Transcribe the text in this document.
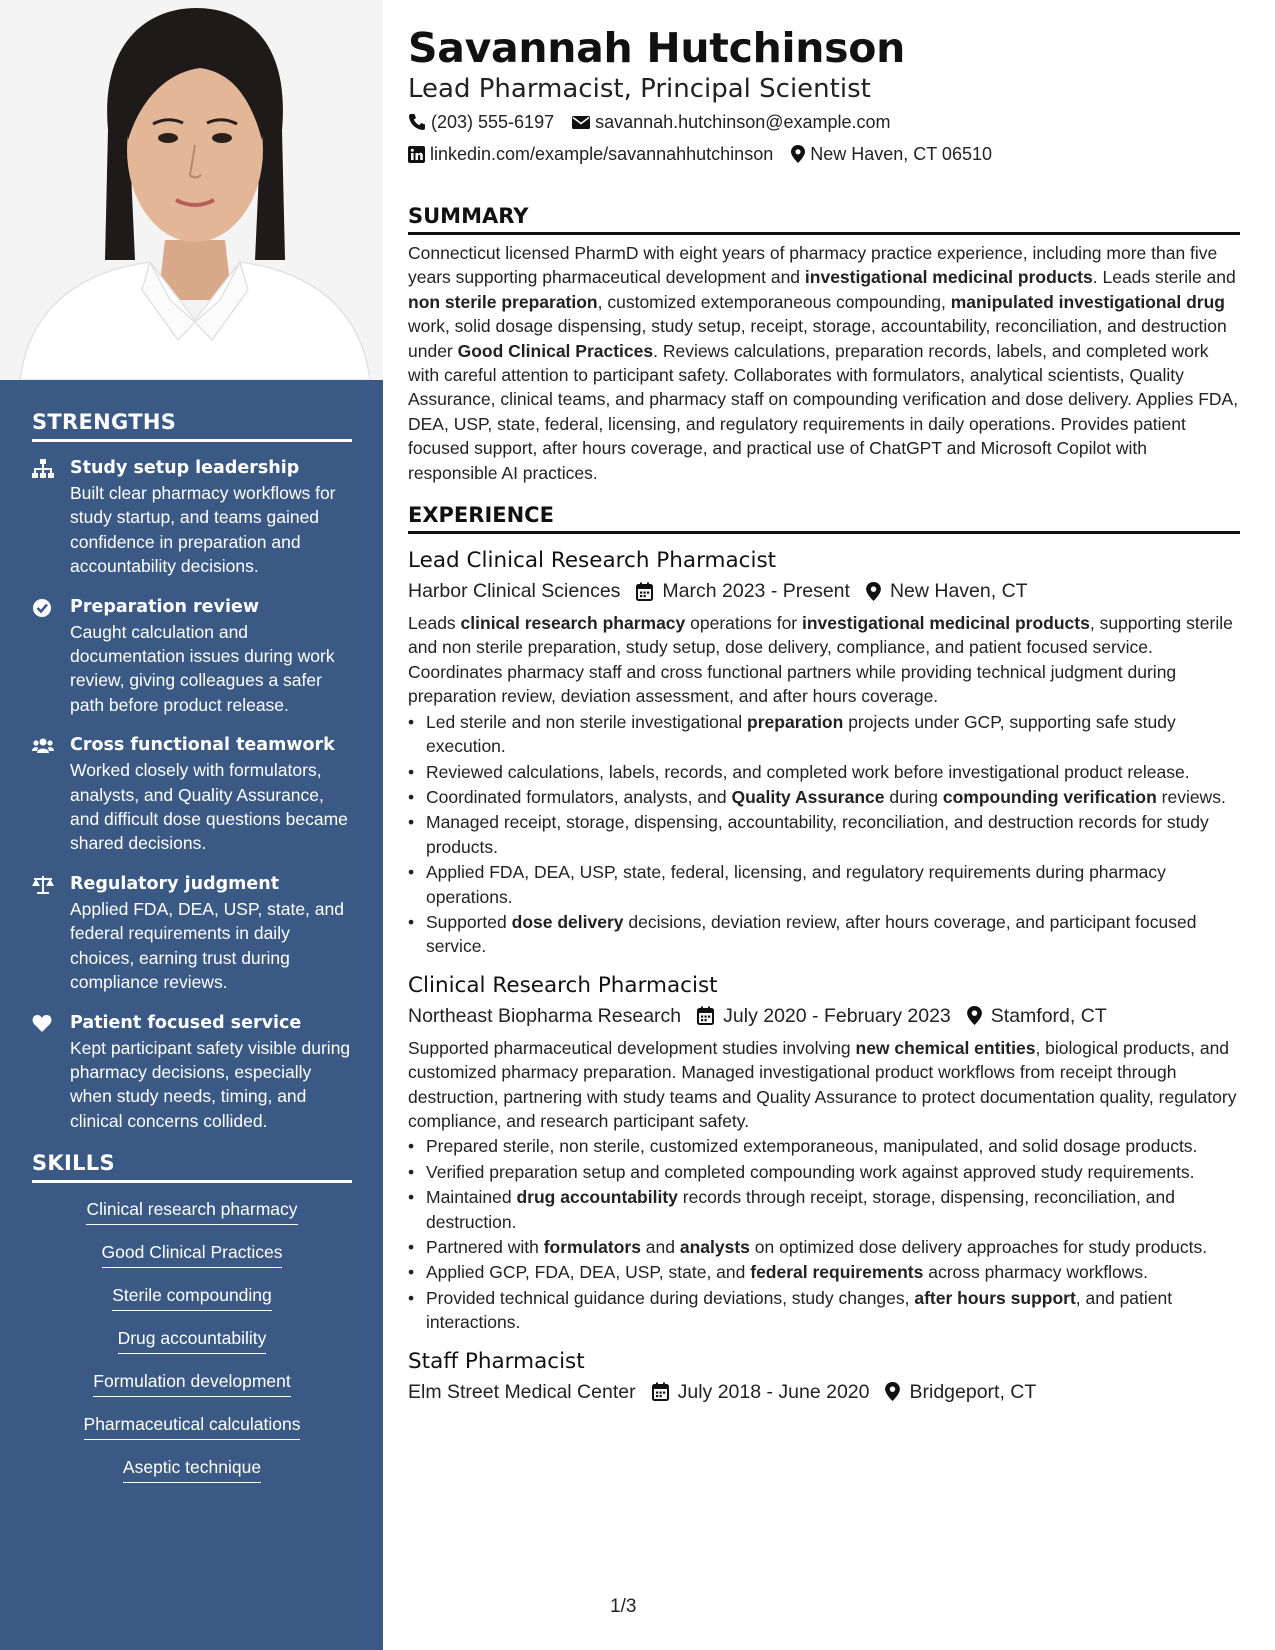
STRENGTHS
Study setup leadership
Built clear pharmacy workflows for study startup, and teams gained confidence in preparation and accountability decisions.
Preparation review
Caught calculation and documentation issues during work review, giving colleagues a safer path before product release.
Cross functional teamwork
Worked closely with formulators, analysts, and Quality Assurance, and difficult dose questions became shared decisions.
Regulatory judgment
Applied FDA, DEA, USP, state, and federal requirements in daily choices, earning trust during compliance reviews.
Patient focused service
Kept participant safety visible during pharmacy decisions, especially when study needs, timing, and clinical concerns collided.
SKILLS
Clinical research pharmacy
Good Clinical Practices
Sterile compounding
Drug accountability
Formulation development
Pharmaceutical calculations
Aseptic technique
Savannah Hutchinson
Lead Pharmacist, Principal Scientist
(203) 555-6197 savannah.hutchinson@example.com
linkedin.com/example/savannahhutchinson New Haven, CT 06510
SUMMARY
Connecticut licensed PharmD with eight years of pharmacy practice experience, including more than five years supporting pharmaceutical development and investigational medicinal products. Leads sterile and non sterile preparation, customized extemporaneous compounding, manipulated investigational drug work, solid dosage dispensing, study setup, receipt, storage, accountability, reconciliation, and destruction under Good Clinical Practices. Reviews calculations, preparation records, labels, and completed work with careful attention to participant safety. Collaborates with formulators, analytical scientists, Quality Assurance, clinical teams, and pharmacy staff on compounding verification and dose delivery. Applies FDA, DEA, USP, state, federal, licensing, and regulatory requirements in daily operations. Provides patient focused support, after hours coverage, and practical use of ChatGPT and Microsoft Copilot with responsible AI practices.
EXPERIENCE
Lead Clinical Research Pharmacist
Harbor Clinical Sciences March 2023 - Present New Haven, CT
Leads clinical research pharmacy operations for investigational medicinal products, supporting sterile and non sterile preparation, study setup, dose delivery, compliance, and patient focused service. Coordinates pharmacy staff and cross functional partners while providing technical judgment during preparation review, deviation assessment, and after hours coverage.
• Led sterile and non sterile investigational preparation projects under GCP, supporting safe study execution.
• Reviewed calculations, labels, records, and completed work before investigational product release.
• Coordinated formulators, analysts, and Quality Assurance during compounding verification reviews.
• Managed receipt, storage, dispensing, accountability, reconciliation, and destruction records for study products.
• Applied FDA, DEA, USP, state, federal, licensing, and regulatory requirements during pharmacy operations.
• Supported dose delivery decisions, deviation review, after hours coverage, and participant focused service.
Clinical Research Pharmacist
Northeast Biopharma Research July 2020 - February 2023 Stamford, CT
Supported pharmaceutical development studies involving new chemical entities, biological products, and customized pharmacy preparation. Managed investigational product workflows from receipt through destruction, partnering with study teams and Quality Assurance to protect documentation quality, regulatory compliance, and research participant safety.
• Prepared sterile, non sterile, customized extemporaneous, manipulated, and solid dosage products.
• Verified preparation setup and completed compounding work against approved study requirements.
• Maintained drug accountability records through receipt, storage, dispensing, reconciliation, and destruction.
• Partnered with formulators and analysts on optimized dose delivery approaches for study products.
• Applied GCP, FDA, DEA, USP, state, and federal requirements across pharmacy workflows.
• Provided technical guidance during deviations, study changes, after hours support, and patient interactions.
Staff Pharmacist
Elm Street Medical Center July 2018 - June 2020 Bridgeport, CT
1/3
